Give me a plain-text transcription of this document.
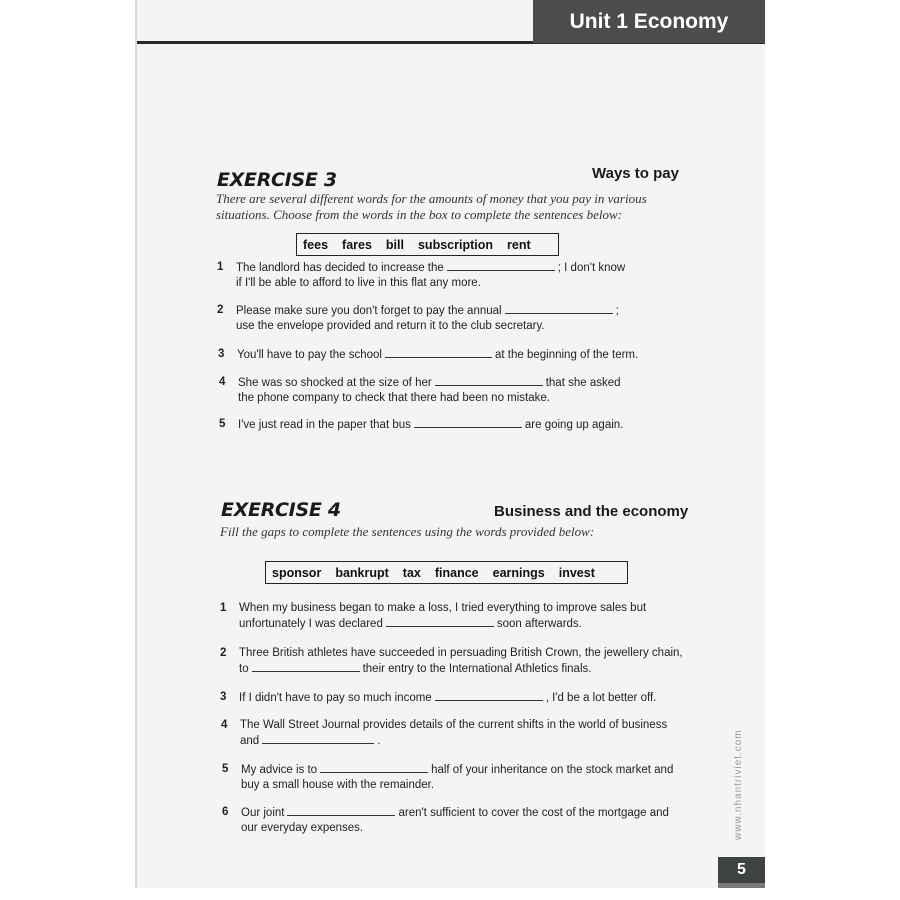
Unit 1 Economy
EXERCISE 3	Ways to pay
There are several different words for the amounts of money that you pay in various
situations. Choose from the words in the box to complete the sentences below:
fees fares bill subscription rent
1 The landlord has decided to increase the	; I don't know
if I'll be able to afford to live in this flat any more.
2 Please make sure you don't forget to pay the annual	;
use the envelope provided and return it to the club secretary.
3 You'll have to pay the school	at the beginning of the term.
4 She was so shocked at the size of her	that she asked
the phone company to check that there had been no mistake.
5 I've just read in the paper that bus	are going up again.
EXERCISE 4	Business and the economy
Fill the gaps to complete the sentences using the words provided below:
sponsor bankrupt tax finance earnings invest
1 When my business began to make a loss, I tried everything to improve sales but
unfortunately I was declared	soon afterwards.
2 Three British athletes have succeeded in persuading British Crown, the jewellery chain,
to	their entry to the International Athletics finals.
3 If I didn't have to pay so much income	, I'd be a lot better off.
4 The Wall Street Journal provides details of the current shifts in the world of business
and	.
5 My advice is to	half of your inheritance on the stock market and
buy a small house with the remainder.
6 Our joint	aren't sufficient to cover the cost of the mortgage and
our everyday expenses.	www.nhantriviet.com
5
